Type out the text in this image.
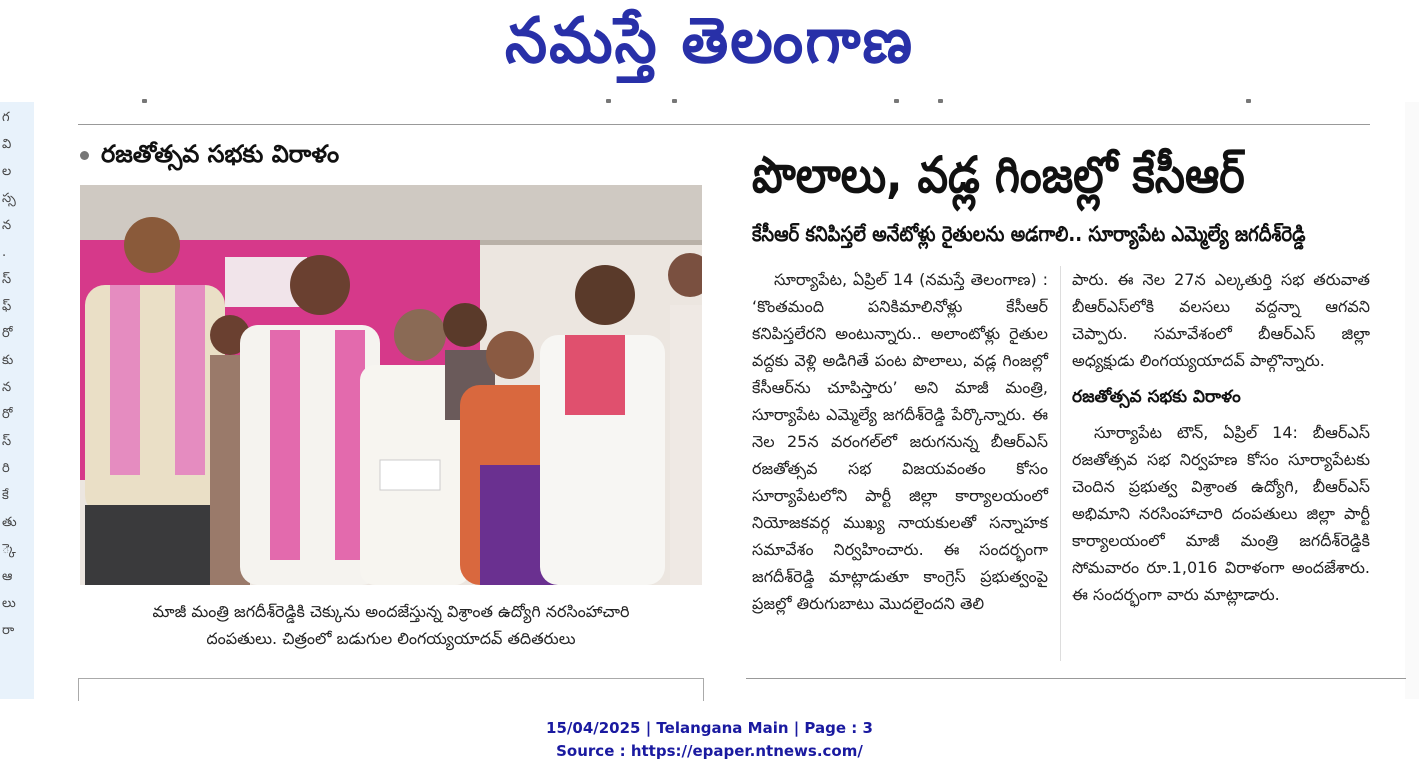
నమస్తే తెలంగాణ
గ
వి
ల
స్స
న
.
స్
ఫ్
రో
కు
న
రో
స్
రి
కే
తు
్కె
ఆ
లు
రా
రజతోత్సవ సభకు విరాళం
మాజీ మంత్రి జగదీశ్‌రెడ్డికి చెక్కును అందజేస్తున్న విశ్రాంత ఉద్యోగి నరసింహాచారి
దంపతులు. చిత్రంలో బడుగుల లింగయ్యయాదవ్ తదితరులు
పొలాలు, వడ్ల గింజల్లో కేసీఆర్
కేసీఆర్ కనిపిస్తలే అనేటోళ్లు రైతులను అడగాలి.. సూర్యాపేట ఎమ్మెల్యే జగదీశ్‌రెడ్డి

సూర్యాపేట, ఏప్రిల్ 14 (నమస్తే తెలంగాణ) : ‘కొంతమంది పనికిమాలినోళ్లు కేసీఆర్ కనిపిస్తలేరని అంటున్నారు.. అలాంటోళ్లు రైతుల వద్దకు వెళ్లి అడిగితే పంట పొలాలు, వడ్ల గింజల్లో కేసీఆర్‌ను చూపిస్తారు’ అని మాజీ మంత్రి, సూర్యాపేట ఎమ్మెల్యే జగదీశ్‌రెడ్డి పేర్కొన్నారు. ఈ నెల 25న వరంగల్‌లో జరుగనున్న బీఆర్‌ఎస్ రజతోత్సవ సభ విజయవంతం కోసం సూర్యాపేటలోని పార్టీ జిల్లా కార్యాలయంలో నియోజకవర్గ ముఖ్య నాయకులతో సన్నాహక సమావేశం నిర్వహించారు. ఈ సందర్భంగా జగదీశ్‌రెడ్డి మాట్లాడుతూ కాంగ్రెస్ ప్రభుత్వంపై ప్రజల్లో తిరుగుబాటు మొదలైందని తెలి

పారు. ఈ నెల 27న ఎల్కతుర్తి సభ తరువాత బీఆర్‌ఎస్‌లోకి వలసలు వద్దన్నా ఆగవని చెప్పారు. సమావేశంలో బీఆర్‌ఎస్ జిల్లా అధ్యక్షుడు లింగయ్యయాదవ్ పాల్గొన్నారు.

రజతోత్సవ సభకు విరాళం

సూర్యాపేట టౌన్, ఏప్రిల్ 14: బీఆర్‌ఎస్ రజతోత్సవ సభ నిర్వహణ కోసం సూర్యాపేటకు చెందిన ప్రభుత్వ విశ్రాంత ఉద్యోగి, బీఆర్‌ఎస్ అభిమాని నరసింహాచారి దంపతులు జిల్లా పార్టీ కార్యాలయంలో మాజీ మంత్రి జగదీశ్‌రెడ్డికి సోమవారం రూ.1,016 విరాళంగా అందజేశారు. ఈ సందర్భంగా వారు మాట్లాడారు.

15/04/2025 | Telangana Main | Page : 3
Source : https://epaper.ntnews.com/
